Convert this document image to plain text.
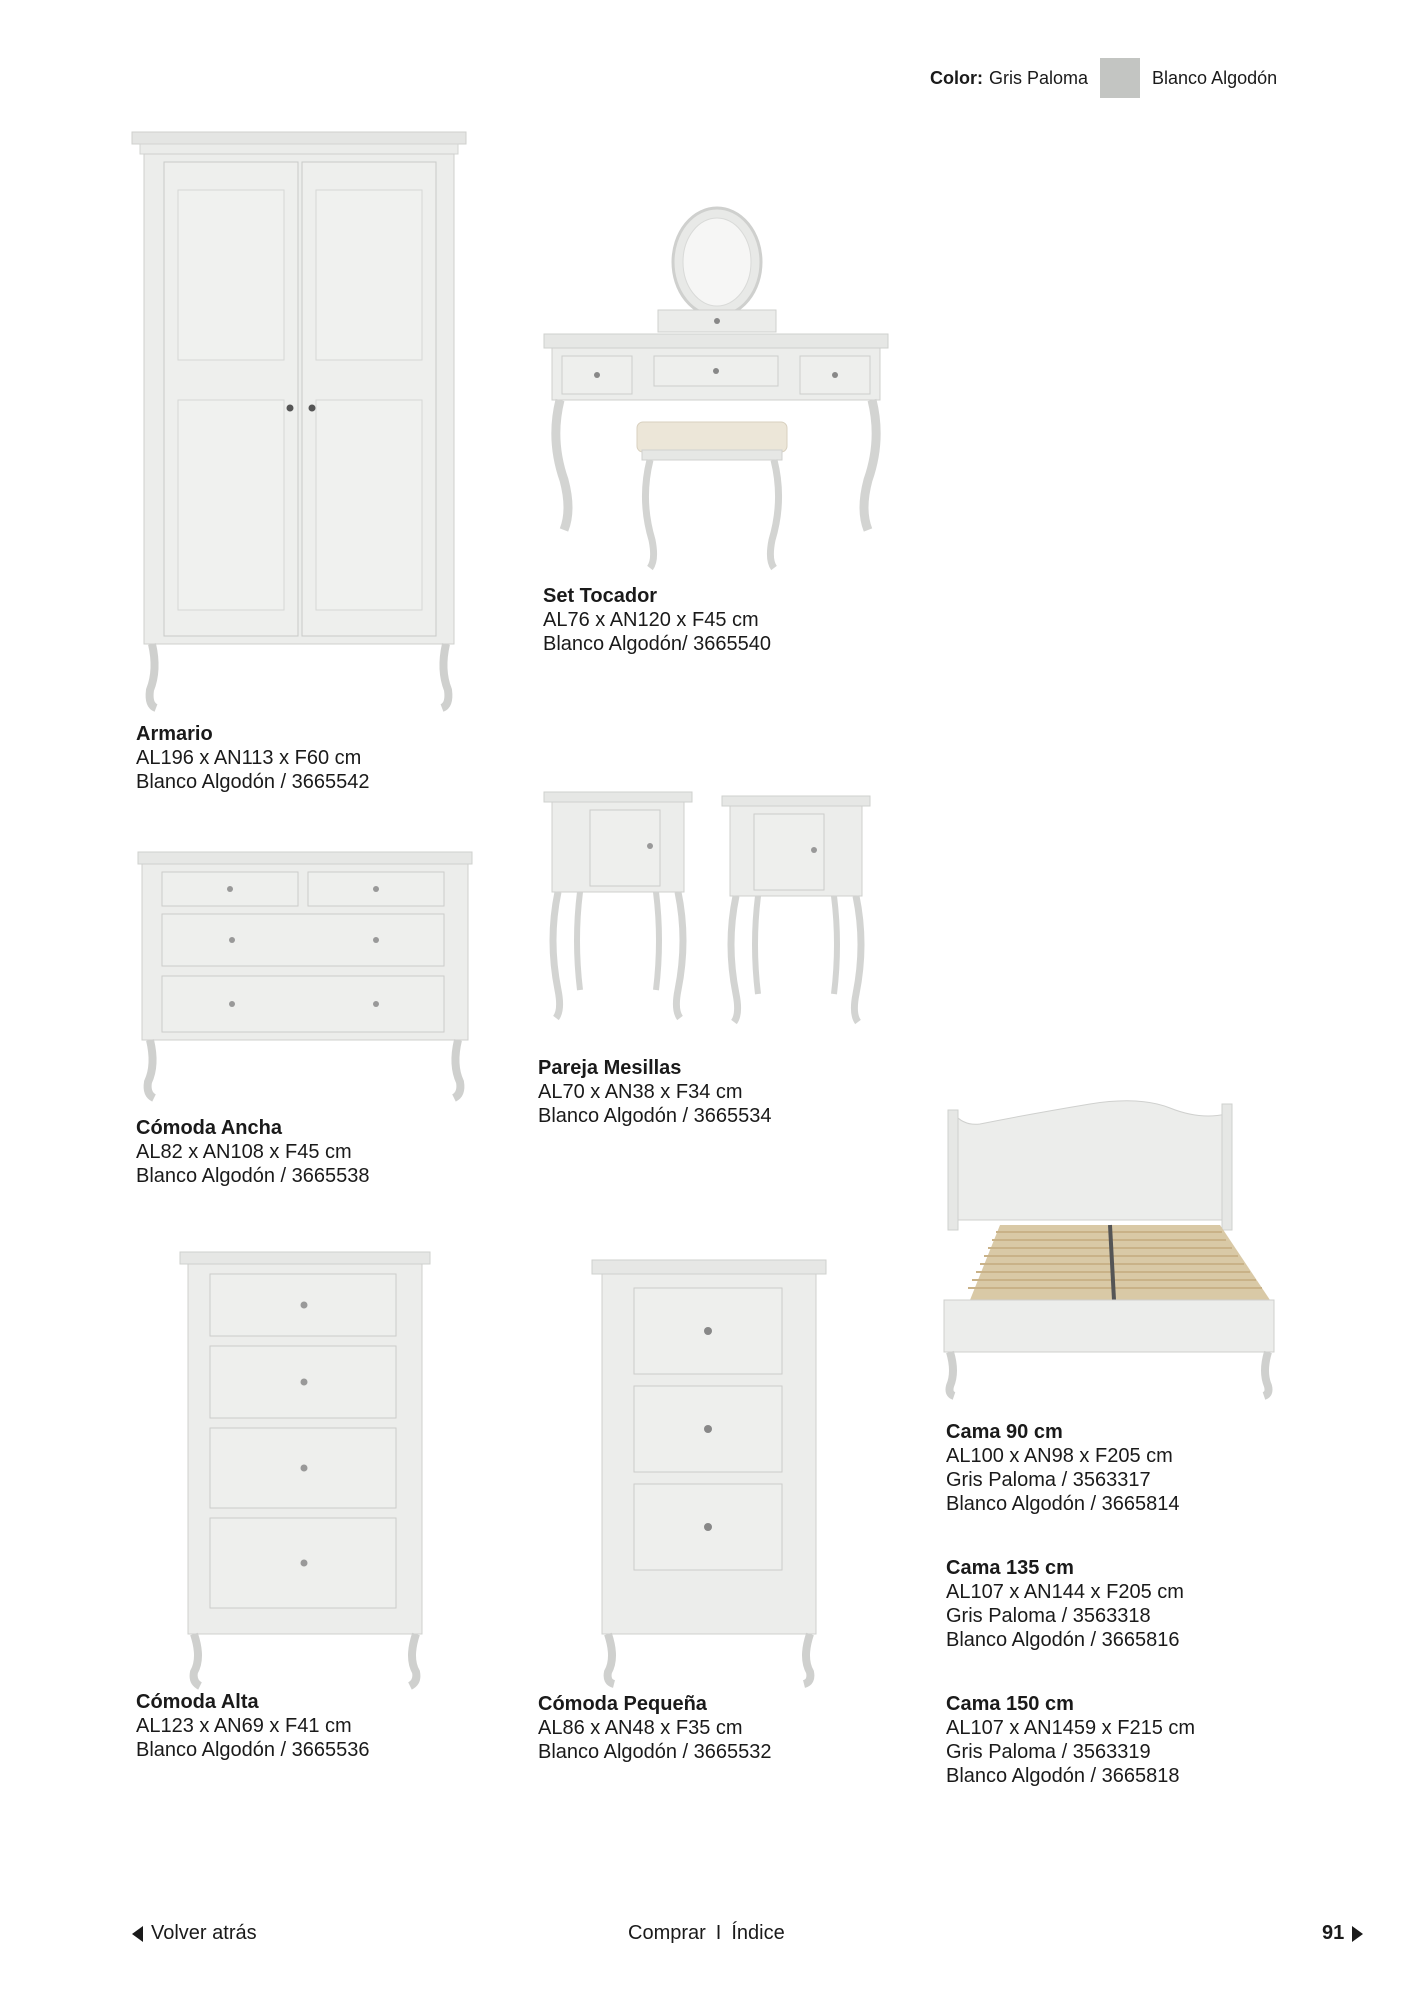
Color: Gris Paloma	Blanco Algodón
Armario
AL196 x AN113 x F60 cm
Blanco Algodón / 3665542
Set Tocador
AL76 x AN120 x F45 cm
Blanco Algodón/ 3665540
Cómoda Ancha
AL82 x AN108 x F45 cm
Blanco Algodón / 3665538
Pareja Mesillas
AL70 x AN38 x F34 cm
Blanco Algodón / 3665534
Cómoda Alta
AL123 x AN69 x F41 cm
Blanco Algodón / 3665536
Cómoda Pequeña
AL86 x AN48 x F35 cm
Blanco Algodón / 3665532
Cama 90 cm
AL100 x AN98 x F205 cm
Gris Paloma / 3563317
Blanco Algodón / 3665814
Cama 135 cm
AL107 x AN144 x F205 cm
Gris Paloma / 3563318
Blanco Algodón / 3665816
Cama 150 cm
AL107 x AN1459 x F215 cm
Gris Paloma / 3563319
Blanco Algodón / 3665818
Volver atrás	Comprar I Índice	91
